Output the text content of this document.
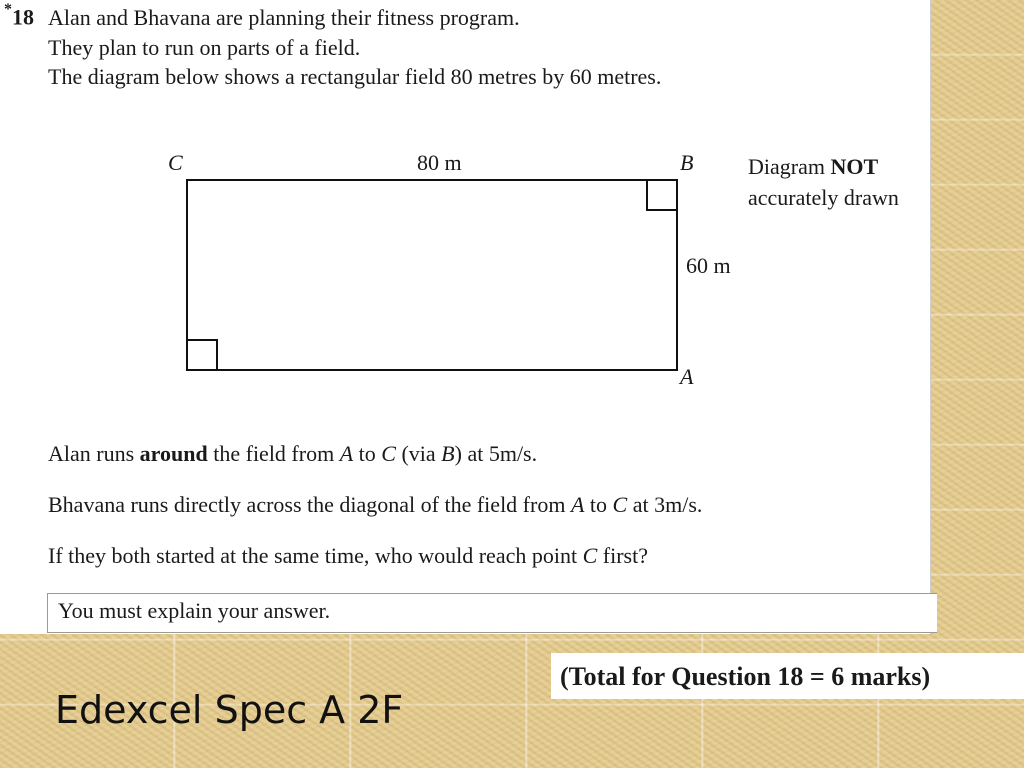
*18 Alan and Bhavana are planning their fitness program.
They plan to run on parts of a field.
The diagram below shows a rectangular field 80 metres by 60 metres.
C	80 m	B
60 m
A
Diagram NOT
accurately drawn
Alan runs around the field from A to C (via B) at 5m/s.
Bhavana runs directly across the diagonal of the field from A to C at 3m/s.
If they both started at the same time, who would reach point C first?
You must explain your answer.
(Total for Question 18 = 6 marks)
Edexcel Spec A 2F
